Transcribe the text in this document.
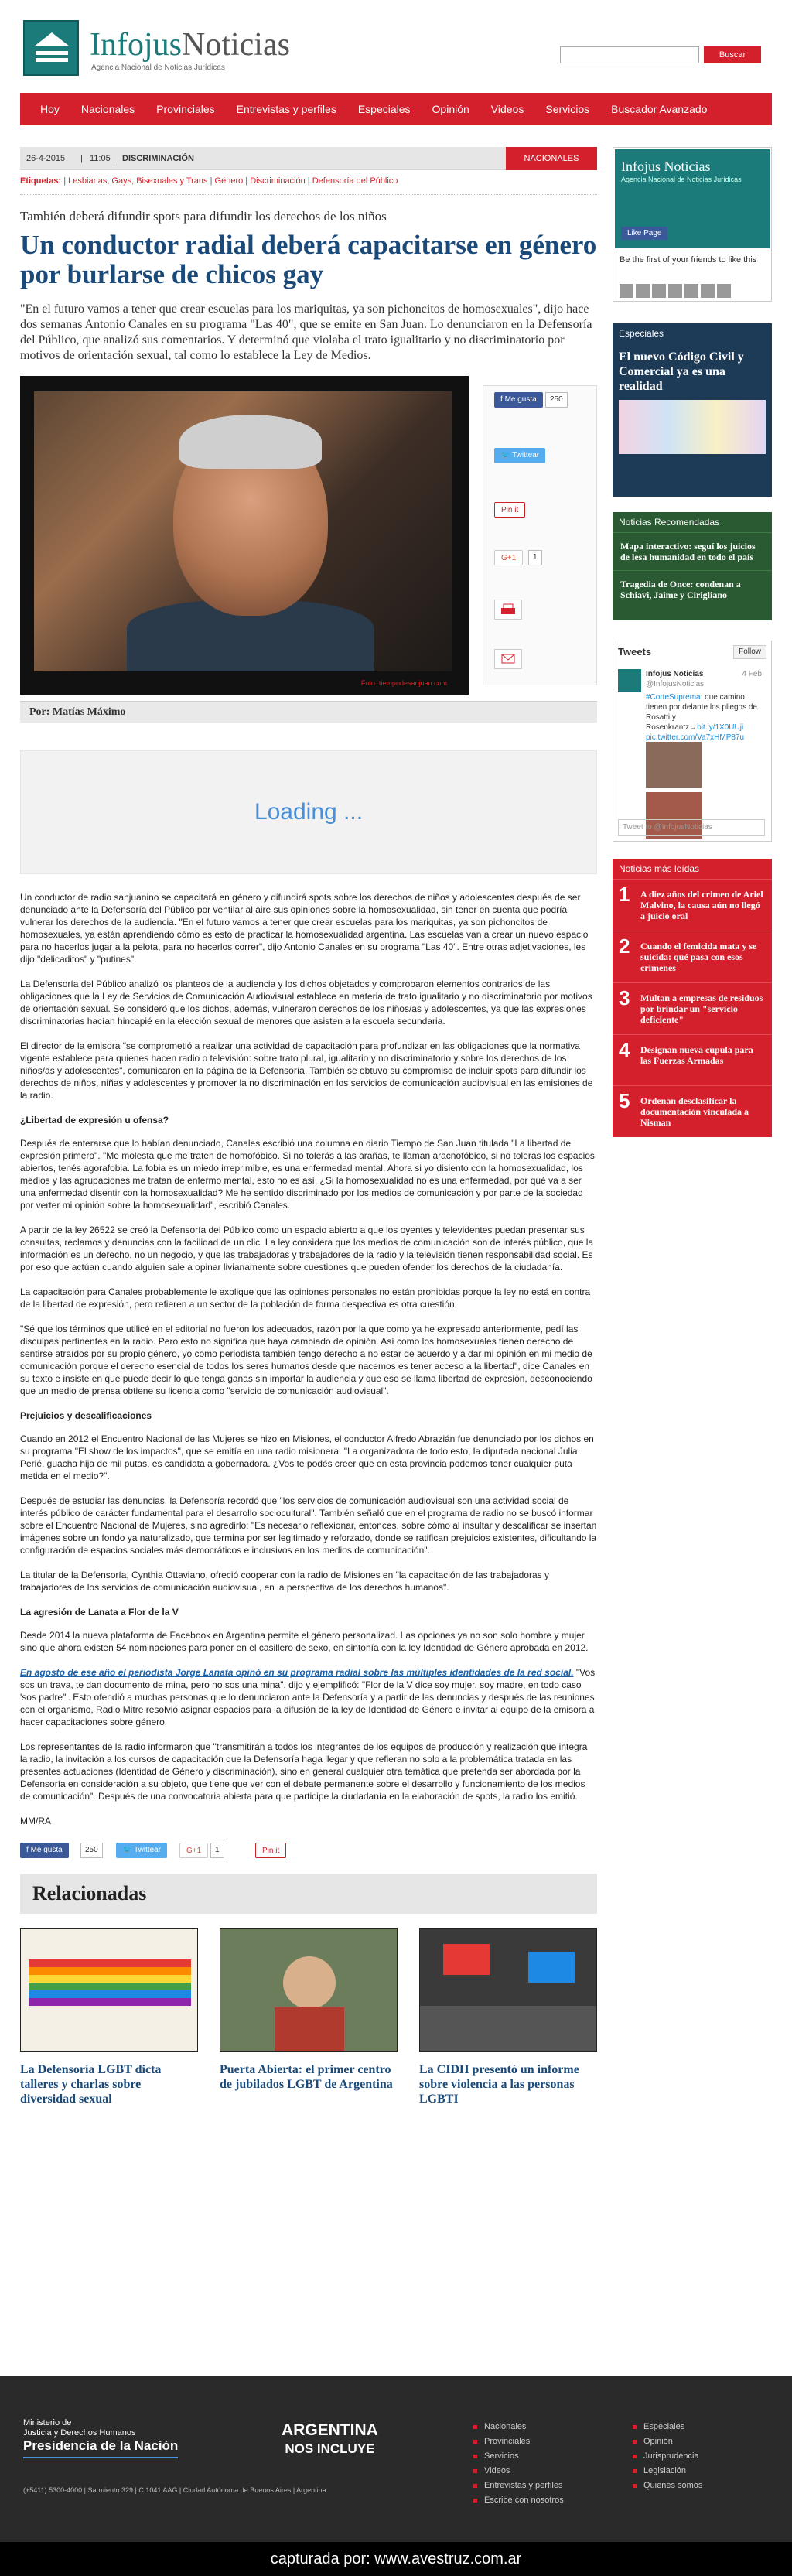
InfojusNoticias
Agencia Nacional de Noticias Jurídicas
Buscar
Hoy	Nacionales	Provinciales	Entrevistas y perfiles	Especiales	Opinión	Videos	Servicios	Buscador Avanzado
26-4-2015 | 11:05 | DISCRIMINACIÓN	NACIONALES
Etiquetas: | Lesbianas, Gays, Bisexuales y Trans | Género | Discriminación | Defensoría del Público
También deberá difundir spots para difundir los derechos de los niños
Un conductor radial deberá capacitarse en género por burlarse de chicos gay
"En el futuro vamos a tener que crear escuelas para los mariquitas, ya son pichoncitos de homosexuales", dijo hace dos semanas Antonio Canales en su programa "Las 40", que se emite en San Juan. Lo denunciaron en la Defensoría del Público, que analizó sus comentarios. Y determinó que violaba el trato igualitario y no discriminatorio por motivos de orientación sexual, tal como lo establece la Ley de Medios.
Foto: tiempodesanjuan.com
f Me gusta	250
🐦 Twittear
Pin it
G+1	1
Por: Matías Máximo
Loading ...

Un conductor de radio sanjuanino se capacitará en género y difundirá spots sobre los derechos de niños y adolescentes después de ser denunciado ante la Defensoría del Público por ventilar al aire sus opiniones sobre la homosexualidad, sin tener en cuenta que podría vulnerar los derechos de la audiencia. "En el futuro vamos a tener que crear escuelas para los mariquitas, ya son pichoncitos de homosexuales, ya están aprendiendo cómo es esto de practicar la homosexualidad argentina. Las escuelas van a crear un nuevo espacio para no hacerlos jugar a la pelota, para no hacerlos correr", dijo Antonio Canales en su programa "Las 40". Entre otras adjetivaciones, les dijo "delicaditos" y "putines".

La Defensoría del Público analizó los planteos de la audiencia y los dichos objetados y comprobaron elementos contrarios de las obligaciones que la Ley de Servicios de Comunicación Audiovisual establece en materia de trato igualitario y no discriminatorio por motivos de orientación sexual. Se consideró que los dichos, además, vulneraron derechos de los niños/as y adolescentes, ya que las expresiones discriminatorias hacían hincapié en la elección sexual de menores que asisten a la escuela secundaria.

El director de la emisora "se comprometió a realizar una actividad de capacitación para profundizar en las obligaciones que la normativa vigente establece para quienes hacen radio o televisión: sobre trato plural, igualitario y no discriminatorio y sobre los derechos de los niños/as y adolescentes", comunicaron en la página de la Defensoría. También se obtuvo su compromiso de incluir spots para difundir los derechos de niños, niñas y adolescentes y promover la no discriminación en los servicios de comunicación audiovisual en las emisiones de la radio.

¿Libertad de expresión u ofensa?

Después de enterarse que lo habían denunciado, Canales escribió una columna en diario Tiempo de San Juan titulada "La libertad de expresión primero". "Me molesta que me traten de homofóbico. Si no tolerás a las arañas, te llaman aracnofóbico, si no toleras los espacios abiertos, tenés agorafobia. La fobia es un miedo irreprimible, es una enfermedad mental. Ahora si yo disiento con la homosexualidad, los medios y las agrupaciones me tratan de enfermo mental, esto no es así. ¿Si la homosexualidad no es una enfermedad, por qué va a ser una enfermedad disentir con la homosexualidad? Me he sentido discriminado por los medios de comunicación y por parte de la sociedad por verter mi opinión sobre la homosexualidad", escribió Canales.

A partir de la ley 26522 se creó la Defensoría del Público como un espacio abierto a que los oyentes y televidentes puedan presentar sus consultas, reclamos y denuncias con la facilidad de un clic. La ley considera que los medios de comunicación son de interés público, que la información es un derecho, no un negocio, y que las trabajadoras y trabajadores de la radio y la televisión tienen responsabilidad social. Es por eso que actúan cuando alguien sale a opinar livianamente sobre cuestiones que pueden ofender los derechos de la ciudadanía.

La capacitación para Canales probablemente le explique que las opiniones personales no están prohibidas porque la ley no está en contra de la libertad de expresión, pero refieren a un sector de la población de forma despectiva es otra cuestión.

"Sé que los términos que utilicé en el editorial no fueron los adecuados, razón por la que como ya he expresado anteriormente, pedí las disculpas pertinentes en la radio. Pero esto no significa que haya cambiado de opinión. Así como los homosexuales tienen derecho de sentirse atraídos por su propio género, yo como periodista también tengo derecho a no estar de acuerdo y a dar mi opinión en mi medio de comunicación porque el derecho esencial de todos los seres humanos desde que nacemos es tener acceso a la libertad", dice Canales en su texto e insiste en que puede decir lo que tenga ganas sin importar la audiencia y que eso se llama libertad de expresión, desconociendo que un medio de prensa obtiene su licencia como "servicio de comunicación audiovisual".

Prejuicios y descalificaciones

Cuando en 2012 el Encuentro Nacional de las Mujeres se hizo en Misiones, el conductor Alfredo Abrazián fue denunciado por los dichos en su programa "El show de los impactos", que se emitía en una radio misionera. "La organizadora de todo esto, la diputada nacional Julia Perié, guacha hija de mil putas, es candidata a gobernadora. ¿Vos te podés creer que en esta provincia podemos tener cualquier puta metida en el medio?".

Después de estudiar las denuncias, la Defensoría recordó que "los servicios de comunicación audiovisual son una actividad social de interés público de carácter fundamental para el desarrollo sociocultural". También señaló que en el programa de radio no se buscó informar sobre el Encuentro Nacional de Mujeres, sino agredirlo: "Es necesario reflexionar, entonces, sobre cómo al insultar y descalificar se insertan imágenes sobre un fondo ya naturalizado, que termina por ser legitimado y reforzado, donde se ratifican prejuicios existentes, dificultando la configuración de espacios sociales más democráticos e inclusivos en los medios de comunicación".

La titular de la Defensoría, Cynthia Ottaviano, ofreció cooperar con la radio de Misiones en "la capacitación de las trabajadoras y trabajadores de los servicios de comunicación audiovisual, en la perspectiva de los derechos humanos".

La agresión de Lanata a Flor de la V

Desde 2014 la nueva plataforma de Facebook en Argentina permite el género personalizad. Las opciones ya no son solo hombre y mujer sino que ahora existen 54 nominaciones para poner en el casillero de sexo, en sintonía con la ley Identidad de Género aprobada en 2012.

En agosto de ese año el periodista Jorge Lanata opinó en su programa radial sobre las múltiples identidades de la red social. "Vos sos un trava, te dan documento de mina, pero no sos una mina", dijo y ejemplificó: "Flor de la V dice soy mujer, soy madre, en todo caso 'sos padre'". Esto ofendió a muchas personas que lo denunciaron ante la Defensoría y a partir de las denuncias y después de las reuniones con el organismo, Radio Mitre resolvió asignar espacios para la difusión de la ley de Identidad de Género e invitar al equipo de la emisora a hacer capacitaciones sobre género.

Los representantes de la radio informaron que "transmitirán a todos los integrantes de los equipos de producción y realización que integra la radio, la invitación a los cursos de capacitación que la Defensoría haga llegar y que refieran no solo a la problemática tratada en las presentes actuaciones (Identidad de Género y discriminación), sino en general cualquier otra temática que pretenda ser abordada por la Defensoría en consideración a su objeto, que tiene que ver con el debate permanente sobre el desarrollo y funcionamiento de los medios de comunicación". Después de una convocatoria abierta para que participe la ciudadanía en la elaboración de spots, la radio los emitió.

MM/RA

f Me gusta	250	🐦 Twittear	G+1	1	Pin it
Relacionadas
La Defensoría LGBT dicta talleres y charlas sobre diversidad sexual
Puerta Abierta: el primer centro de jubilados LGBT de Argentina
La CIDH presentó un informe sobre violencia a las personas LGBTI
Infojus Noticias
Agencia Nacional de Noticias Jurídicas
Like Page
Be the first of your friends to like this
Especiales
El nuevo Código Civil y Comercial ya es una realidad
Noticias Recomendadas
Mapa interactivo: seguí los juicios de lesa humanidad en todo el país
Tragedia de Once: condenan a Schiavi, Jaime y Cirigliano
Tweets	Follow
Infojus Noticias	4 Feb

@InfojusNoticias
#CorteSuprema: que camino tienen por delante los pliegos de Rosatti y Rosenkrantz→bit.ly/1X0UUji pic.twitter.com/Va7xHMP87u
Tweet to @InfojusNoticias
Noticias más leídas
1 A diez años del crimen de Ariel Malvino, la causa aún no llegó a juicio oral
2 Cuando el femicida mata y se suicida: qué pasa con esos crímenes
3 Multan a empresas de residuos por brindar un "servicio deficiente"
4 Designan nueva cúpula para las Fuerzas Armadas
5 Ordenan desclasificar la documentación vinculada a Nisman
Ministerio de
Justicia y Derechos Humanos
Presidencia de la Nación
ARGENTINA
NOS INCLUYE
(+5411) 5300-4000 | Sarmiento 329 | C 1041 AAG | Ciudad Autónoma de Buenos Aires | Argentina
Nacionales
Provinciales
Servicios
Videos
Entrevistas y perfiles
Escribe con nosotros
Especiales
Opinión
Jurisprudencia
Legislación
Quienes somos
capturada por: www.avestruz.com.ar
